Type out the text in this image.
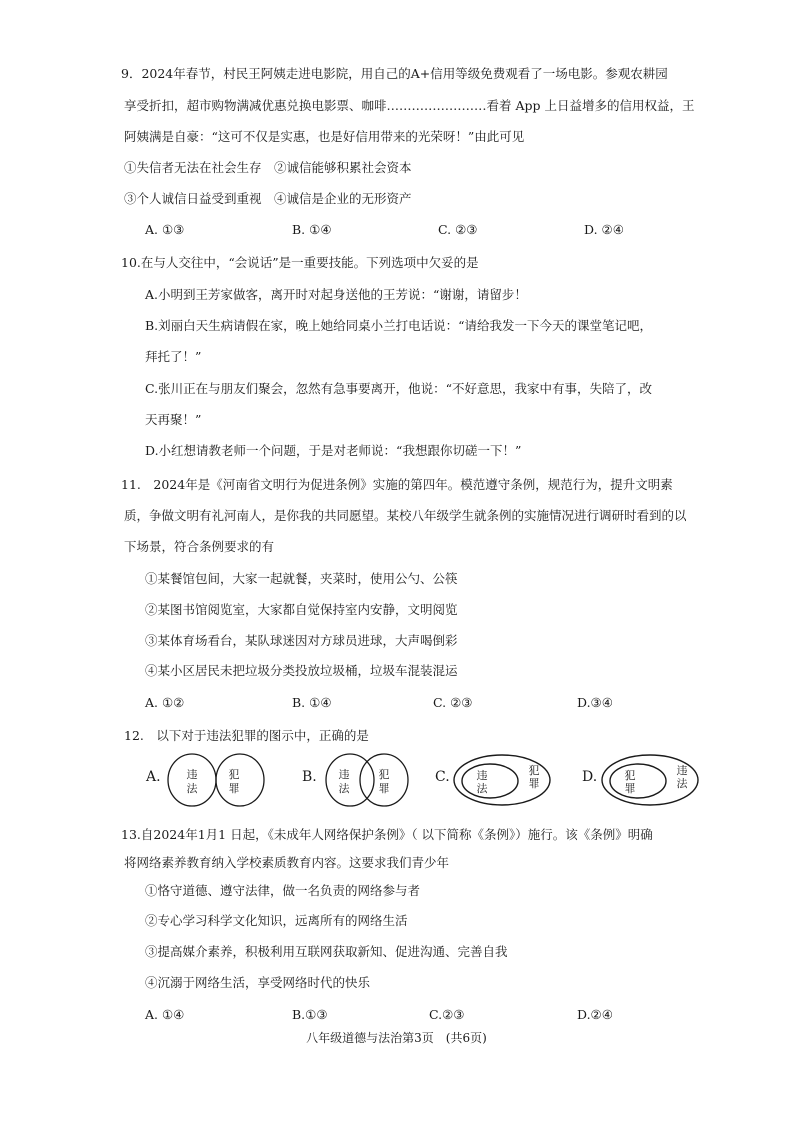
9．2024年春节，村民王阿姨走进电影院，用自己的A+信用等级免费观看了一场电影。参观农耕园
享受折扣，超市购物满减优惠兑换电影票、咖啡……………………看着 App 上日益增多的信用权益，王
阿姨满是自豪：“这可不仅是实惠，也是好信用带来的光荣呀！”由此可见
①失信者无法在社会生存　②诚信能够积累社会资本
③个人诚信日益受到重视　④诚信是企业的无形资产
A. ①③	B. ①④	C. ②③	D. ②④
10.在与人交往中，“会说话”是一重要技能。下列选项中欠妥的是
A.小明到王芳家做客，离开时对起身送他的王芳说：“谢谢，请留步！
B.刘丽白天生病请假在家，晚上她给同桌小兰打电话说：“请给我发一下今天的课堂笔记吧，
拜托了！”
C.张川正在与朋友们聚会，忽然有急事要离开，他说：“不好意思，我家中有事，失陪了，改
天再聚！”
D.小红想请教老师一个问题，于是对老师说：“我想跟你切磋一下！”
11.　2024年是《河南省文明行为促进条例》实施的第四年。模范遵守条例，规范行为，提升文明素
质，争做文明有礼河南人，是你我的共同愿望。某校八年级学生就条例的实施情况进行调研时看到的以
下场景，符合条例要求的有
①某餐馆包间，大家一起就餐，夹菜时，使用公勺、公筷
②某图书馆阅览室，大家都自觉保持室内安静，文明阅览
③某体育场看台，某队球迷因对方球员进球，大声喝倒彩
④某小区居民未把垃圾分类投放垃圾桶，垃圾车混装混运
A. ①②	B. ①④	C. ②③	D.③④
12.　以下对于违法犯罪的图示中，正确的是
A. 违
法
犯
罪
B. 违
法
犯
罪
C. 违
法
犯
罪	D. 犯
罪
违
法
13.自2024年1月1 日起，《未成年人网络保护条例》（ 以下简称《条例》）施行。该《条例》明确
将网络素养教育纳入学校素质教育内容。这要求我们青少年
①恪守道德、遵守法律，做一名负责的网络参与者
②专心学习科学文化知识，远离所有的网络生活
③提高媒介素养，积极利用互联网获取新知、促进沟通、完善自我
④沉溺于网络生活，享受网络时代的快乐
A. ①④	B.①③	C.②③	D.②④
八年级道德与法治第3页　(共6页)
